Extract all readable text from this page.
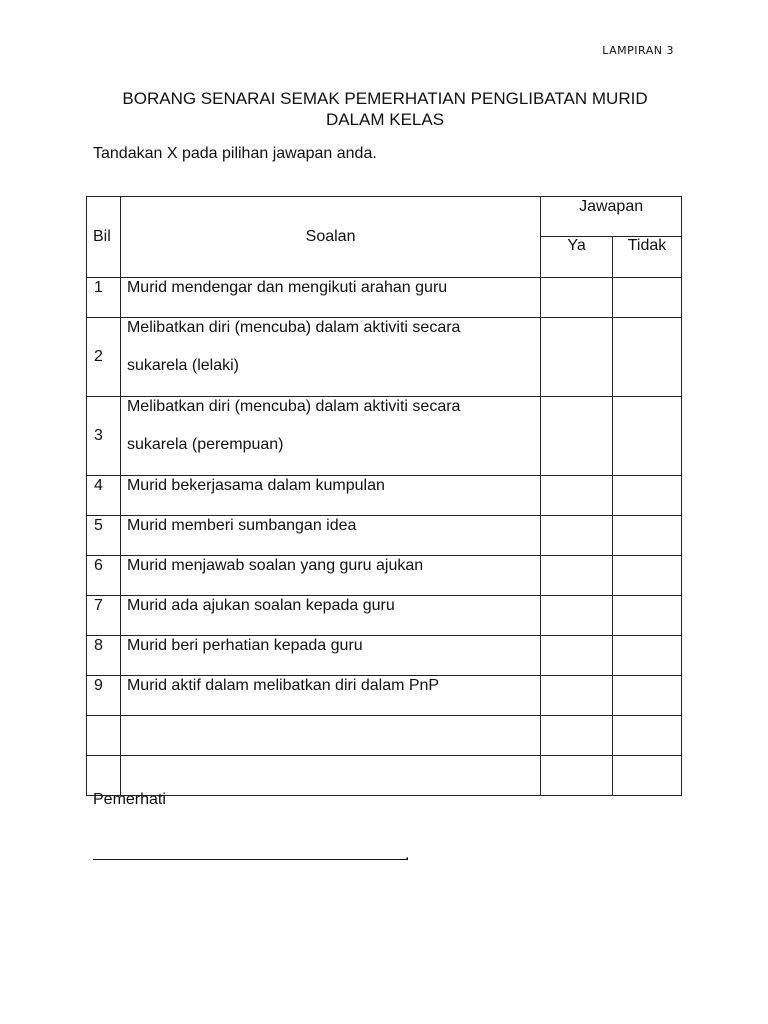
LAMPIRAN 3
BORANG SENARAI SEMAK PEMERHATIAN PENGLIBATAN MURID
DALAM KELAS
Tandakan X pada pilihan jawapan anda.
Bil	Soalan	Jawapan	
		Ya	Tidak
1	Murid mendengar dan mengikuti arahan guru		
2	Melibatkan diri (mencuba) dalam aktiviti secara
sukarela (lelaki)		

3	Melibatkan diri (mencuba) dalam aktiviti secara
sukarela (perempuan)		

4	Murid bekerjasama dalam kumpulan		
5	Murid memberi sumbangan idea		
6	Murid menjawab soalan yang guru ajukan		
7	Murid ada ajukan soalan kepada guru		
8	Murid beri perhatian kepada guru		
9	Murid aktif dalam melibatkan diri dalam PnP		

Pemerhati
.
